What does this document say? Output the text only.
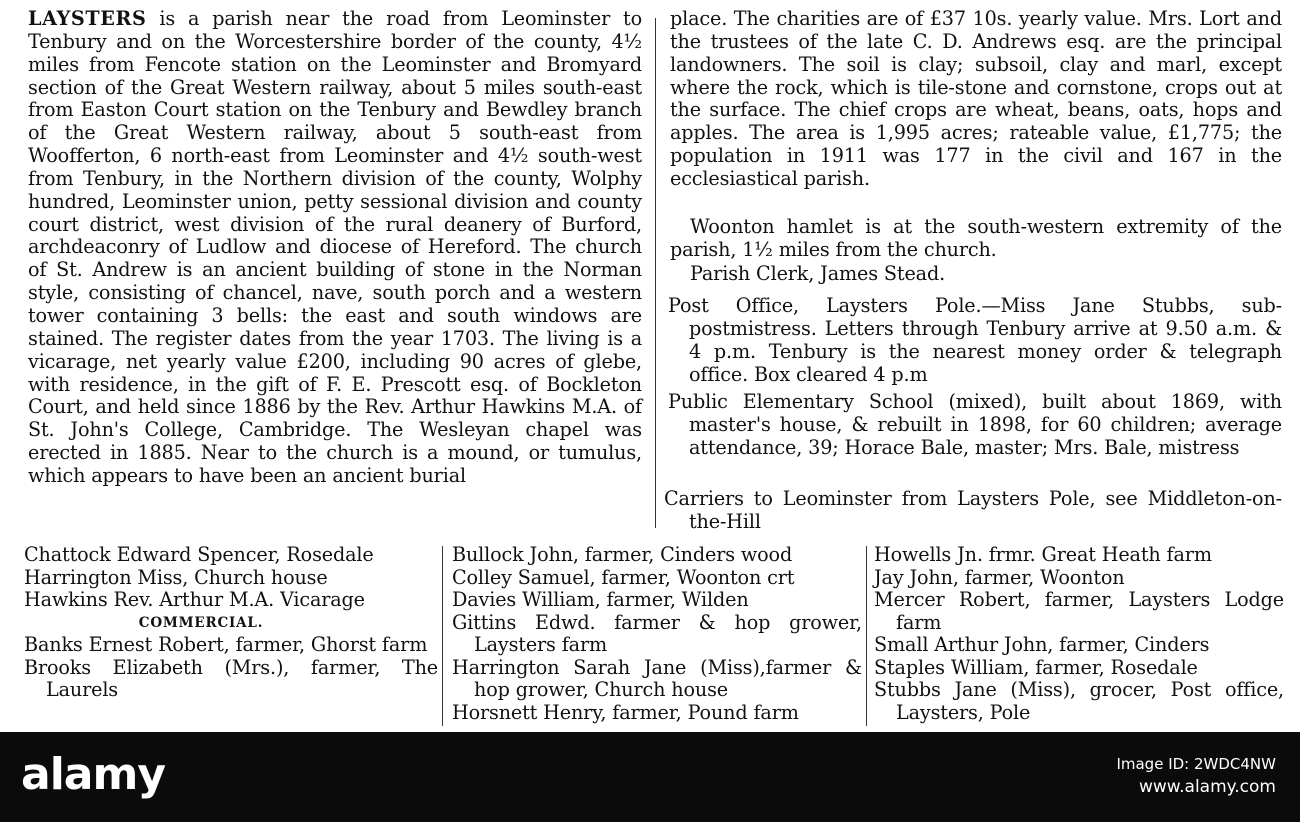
LAYSTERS is a parish near the road from Leominster to Tenbury and on the Worcestershire border of the county, 4½ miles from Fencote station on the Leominster and Bromyard section of the Great Western railway, about 5 miles south-east from Easton Court station on the Tenbury and Bewdley branch of the Great Western railway, about 5 south-east from Woofferton, 6 north-east from Leominster and 4½ south-west from Tenbury, in the Northern division of the county, Wolphy hundred, Leominster union, petty sessional division and county court district, west division of the rural deanery of Burford, archdeaconry of Ludlow and diocese of Hereford. The church of St. Andrew is an ancient building of stone in the Norman style, consisting of chancel, nave, south porch and a western tower containing 3 bells: the east and south windows are stained. The register dates from the year 1703. The living is a vicarage, net yearly value £200, including 90 acres of glebe, with residence, in the gift of F. E. Prescott esq. of Bockleton Court, and held since 1886 by the Rev. Arthur Hawkins M.A. of St. John's College, Cambridge. The Wesleyan chapel was erected in 1885. Near to the church is a mound, or tumulus, which appears to have been an ancient burial

place. The charities are of £37 10s. yearly value. Mrs. Lort and the trustees of the late C. D. Andrews esq. are the principal landowners. The soil is clay; subsoil, clay and marl, except where the rock, which is tile-stone and cornstone, crops out at the surface. The chief crops are wheat, beans, oats, hops and apples. The area is 1,995 acres; rateable value, £1,775; the population in 1911 was 177 in the civil and 167 in the ecclesiastical parish.

Woonton hamlet is at the south-western extremity of the parish, 1½ miles from the church.

Parish Clerk, James Stead.

Post Office, Laysters Pole.—Miss Jane Stubbs, sub-postmistress. Letters through Tenbury arrive at 9.50 a.m. & 4 p.m. Tenbury is the nearest money order & telegraph office. Box cleared 4 p.m

Public Elementary School (mixed), built about 1869, with master's house, & rebuilt in 1898, for 60 children; average attendance, 39; Horace Bale, master; Mrs. Bale, mistress

Carriers to Leominster from Laysters Pole, see Middleton-on-the-Hill

Chattock Edward Spencer, Rosedale
Harrington Miss, Church house
Hawkins Rev. Arthur M.A. Vicarage
COMMERCIAL.
Banks Ernest Robert, farmer, Ghorst farm
Brooks Elizabeth (Mrs.), farmer, The Laurels
Bullock John, farmer, Cinders wood
Colley Samuel, farmer, Woonton crt
Davies William, farmer, Wilden
Gittins Edwd. farmer & hop grower, Laysters farm
Harrington Sarah Jane (Miss),farmer & hop grower, Church house
Horsnett Henry, farmer, Pound farm
Howells Jn. frmr. Great Heath farm
Jay John, farmer, Woonton
Mercer Robert, farmer, Laysters Lodge farm
Small Arthur John, farmer, Cinders
Staples William, farmer, Rosedale
Stubbs Jane (Miss), grocer, Post office, Laysters, Pole
alamy	Image ID: 2WDC4NW
www.alamy.com
